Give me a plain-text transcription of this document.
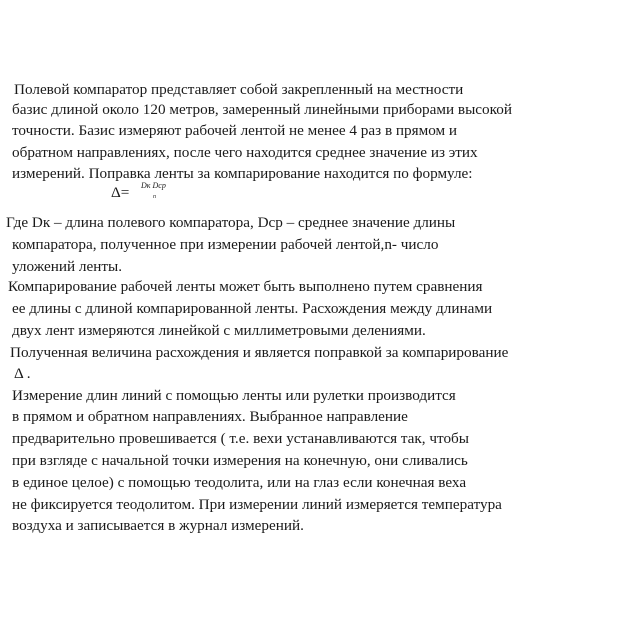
Полевой компаратор представляет собой закрепленный на местности
базис длиной около 120 метров, замеренный линейными приборами высокой
точности. Базис измеряют рабочей лентой не менее 4 раз в прямом и
обратном направлениях, после чего находится среднее значение из этих
измерений. Поправка ленты за компарирование находится по формуле:
Δ= Dк Dср
n
Где Dк – длина полевого компаратора, Dср – среднее значение длины
компаратора, полученное при измерении рабочей лентой,n- число
уложений ленты.
Компарирование рабочей ленты может быть выполнено путем сравнения
ее длины с длиной компарированной ленты. Расхождения между длинами
двух лент измеряются линейкой с миллиметровыми делениями.
Полученная величина расхождения и является поправкой за компарирование
Δ .
Измерение длин линий с помощью ленты или рулетки производится
в прямом и обратном направлениях. Выбранное направление
предварительно провешивается ( т.е. вехи устанавливаются так, чтобы
при взгляде с начальной точки измерения на конечную, они сливались
в единое целое) с помощью теодолита, или на глаз если конечная веха
не фиксируется теодолитом. При измерении линий измеряется температура
воздуха и записывается в журнал измерений.
